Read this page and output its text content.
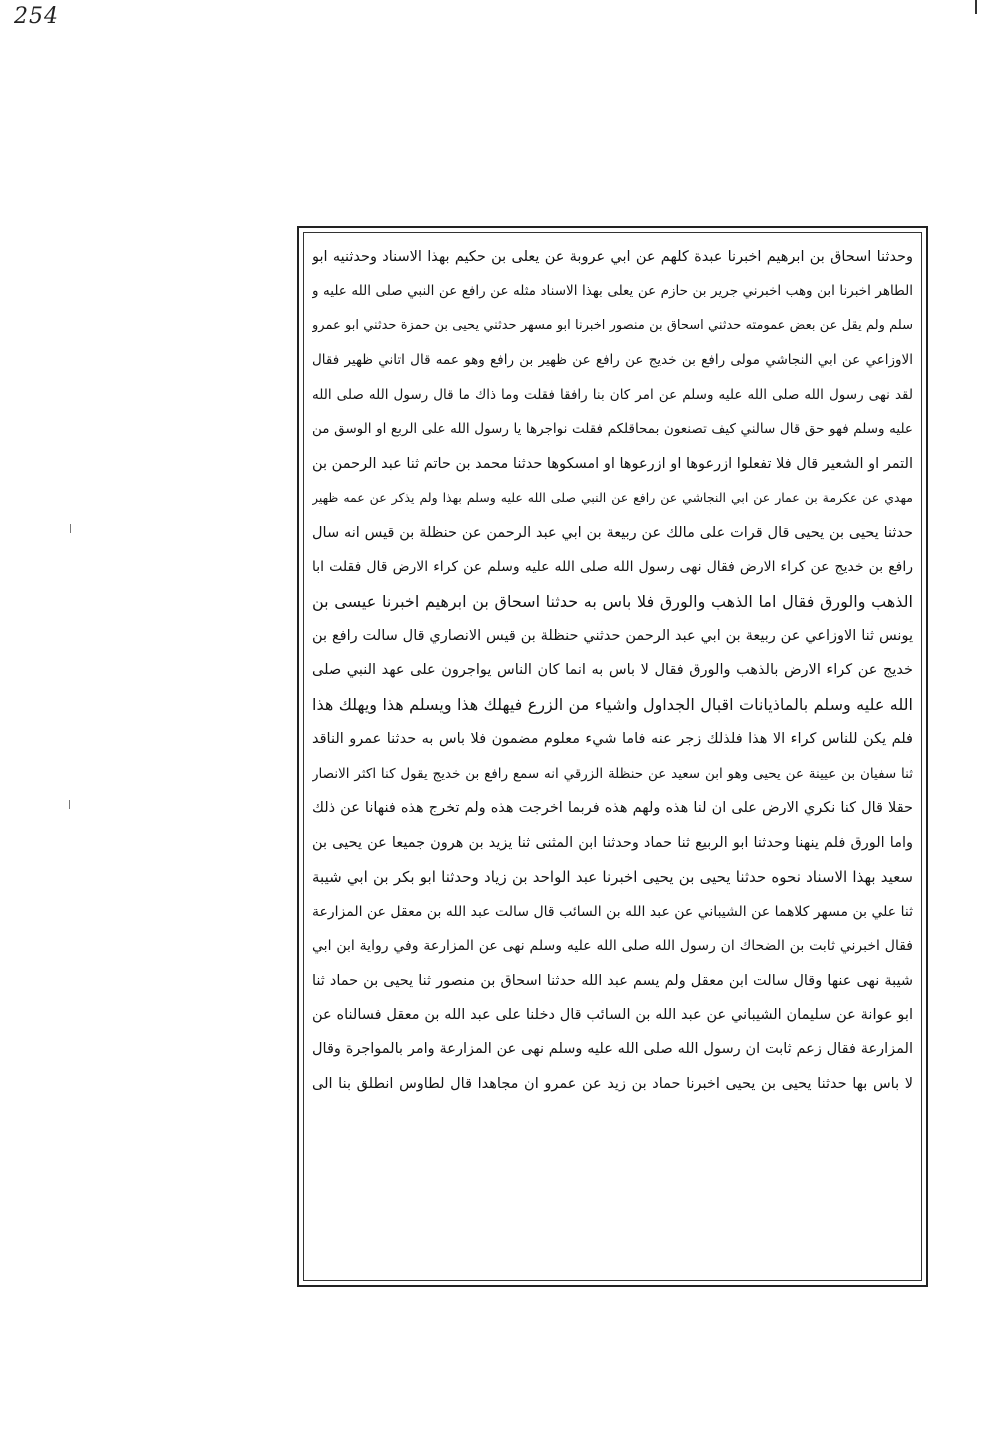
254
وحدثنا اسحاق بن ابرهيم اخبرنا عبدة كلهم عن ابي عروبة عن يعلى بن حكيم بهذا الاسناد وحدثنيه ابو
الطاهر اخبرنا ابن وهب اخبرني جرير بن حازم عن يعلى بهذا الاسناد مثله عن رافع عن النبي صلى الله عليه و
سلم ولم يقل عن بعض عمومته حدثني اسحاق بن منصور اخبرنا ابو مسهر حدثني يحيى بن حمزة حدثني ابو عمرو
الاوزاعي عن ابي النجاشي مولى رافع بن خديج عن رافع عن ظهير بن رافع وهو عمه قال اتاني ظهير فقال
لقد نهى رسول الله صلى الله عليه وسلم عن امر كان بنا رافقا فقلت وما ذاك ما قال رسول الله صلى الله
عليه وسلم فهو حق قال سالني كيف تصنعون بمحاقلكم فقلت نواجرها يا رسول الله على الربع او الوسق من
التمر او الشعير قال فلا تفعلوا ازرعوها او ازرعوها او امسكوها حدثنا محمد بن حاتم ثنا عبد الرحمن بن
مهدي عن عكرمة بن عمار عن ابي النجاشي عن رافع عن النبي صلى الله عليه وسلم بهذا ولم يذكر عن عمه ظهير
حدثنا يحيى بن يحيى قال قرات على مالك عن ربيعة بن ابي عبد الرحمن عن حنظلة بن قيس انه سال
رافع بن خديج عن كراء الارض فقال نهى رسول الله صلى الله عليه وسلم عن كراء الارض قال فقلت ابا
الذهب والورق فقال اما الذهب والورق فلا باس به حدثنا اسحاق بن ابرهيم اخبرنا عيسى بن
يونس ثنا الاوزاعي عن ربيعة بن ابي عبد الرحمن حدثني حنظلة بن قيس الانصاري قال سالت رافع بن
خديج عن كراء الارض بالذهب والورق فقال لا باس به انما كان الناس يواجرون على عهد النبي صلى
الله عليه وسلم بالماذيانات اقبال الجداول واشياء من الزرع فيهلك هذا ويسلم هذا ويهلك هذا
فلم يكن للناس كراء الا هذا فلذلك زجر عنه فاما شيء معلوم مضمون فلا باس به حدثنا عمرو الناقد
ثنا سفيان بن عيينة عن يحيى وهو ابن سعيد عن حنظلة الزرقي انه سمع رافع بن خديج يقول كنا اكثر الانصار
حقلا قال كنا نكري الارض على ان لنا هذه ولهم هذه فربما اخرجت هذه ولم تخرج هذه فنهانا عن ذلك
واما الورق فلم ينهنا وحدثنا ابو الربيع ثنا حماد وحدثنا ابن المثنى ثنا يزيد بن هرون جميعا عن يحيى بن
سعيد بهذا الاسناد نحوه حدثنا يحيى بن يحيى اخبرنا عبد الواحد بن زياد وحدثنا ابو بكر بن ابي شيبة
ثنا علي بن مسهر كلاهما عن الشيباني عن عبد الله بن السائب قال سالت عبد الله بن معقل عن المزارعة
فقال اخبرني ثابت بن الضحاك ان رسول الله صلى الله عليه وسلم نهى عن المزارعة وفي رواية ابن ابي
شيبة نهى عنها وقال سالت ابن معقل ولم يسم عبد الله حدثنا اسحاق بن منصور ثنا يحيى بن حماد ثنا
ابو عوانة عن سليمان الشيباني عن عبد الله بن السائب قال دخلنا على عبد الله بن معقل فسالناه عن
المزارعة فقال زعم ثابت ان رسول الله صلى الله عليه وسلم نهى عن المزارعة وامر بالمواجرة وقال
لا باس بها حدثنا يحيى بن يحيى اخبرنا حماد بن زيد عن عمرو ان مجاهدا قال لطاوس انطلق بنا الى
